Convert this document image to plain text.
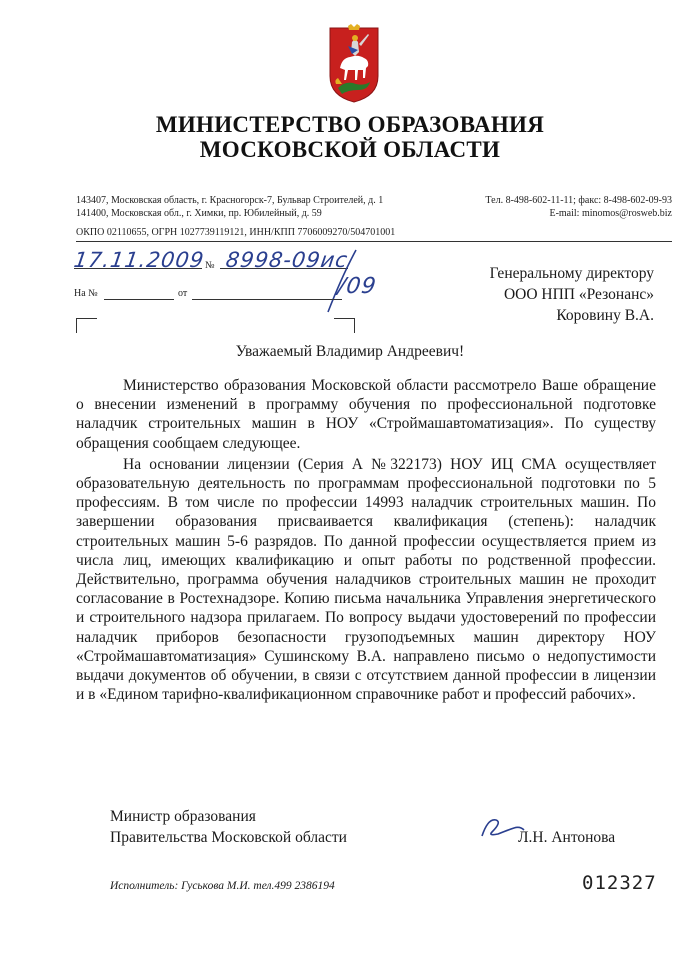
МИНИСТЕРСТВО ОБРАЗОВАНИЯ
МОСКОВСКОЙ ОБЛАСТИ
143407, Московская область, г. Красногорск-7, Бульвар Строителей, д. 1
141400, Московская обл., г. Химки, пр. Юбилейный, д. 59
Тел. 8-498-602-11-11; факс: 8-498-602-09-93
E-mail: minomos@rosweb.biz
ОКПО 02110655, ОГРН 1027739119121, ИНН/КПП 7706009270/504701001
17.11.2009 № 8998-09ис
/09
На №	от
Генеральному директору
ООО НПП «Резонанс»
Коровину В.А.
Уважаемый Владимир Андреевич!

Министерство образования Московской области рассмотрело Ваше обращение о внесении изменений в программу обучения по профессиональной подготовке наладчик строительных машин в НОУ «Строймашавтоматизация». По существу обращения сообщаем следующее.

На основании лицензии (Серия А №322173) НОУ ИЦ СМА осуществляет образовательную деятельность по программам профессиональной подготовки по 5 профессиям. В том числе по профессии 14993 наладчик строительных машин. По завершении образования присваивается квалификация (степень): наладчик строительных машин 5-6 разрядов. По данной профессии осуществляется прием из числа лиц, имеющих квалификацию и опыт работы по родственной профессии. Действительно, программа обучения наладчиков строительных машин не проходит согласование в Ростехнадзоре. Копию письма начальника Управления энергетического и строительного надзора прилагаем. По вопросу выдачи удостоверений по профессии наладчик приборов безопасности грузоподъемных машин директору НОУ «Строймашавтоматизация» Сушинскому В.А. направлено письмо о недопустимости выдачи документов об обучении, в связи с отсутствием данной профессии в лицензии и в «Едином тарифно-квалификационном справочнике работ и профессий рабочих».

Министр образования
Правительства Московской области	Л.Н. Антонова
Исполнитель: Гуськова М.И. тел.499 2386194	012327
